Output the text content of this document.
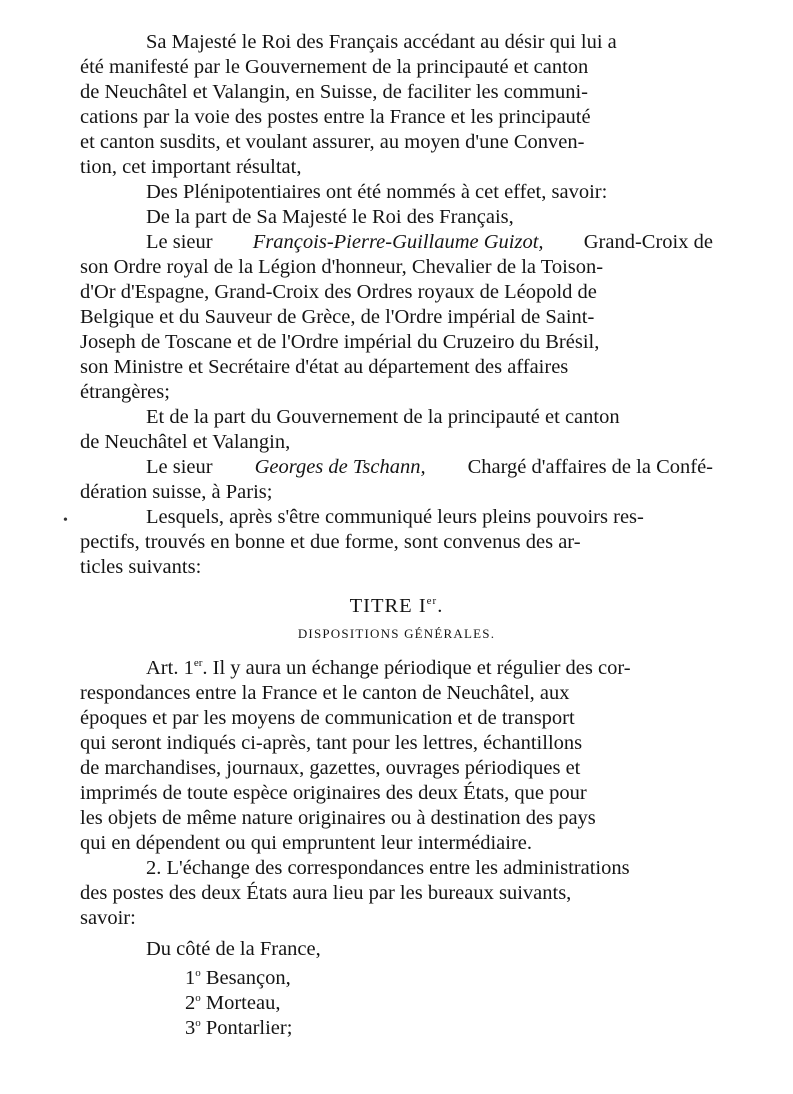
Sa Majesté le Roi des Français accédant au désir qui lui a
été manifesté par le Gouvernement de la principauté et canton
de Neuchâtel et Valangin, en Suisse, de faciliter les communi-
cations par la voie des postes entre la France et les principauté
et canton susdits, et voulant assurer, au moyen d'une Conven-
tion, cet important résultat,
Des Plénipotentiaires ont été nommés à cet effet, savoir:
De la part de Sa Majesté le Roi des Français,
Le sieur François-Pierre-Guillaume Guizot, Grand-Croix de
son Ordre royal de la Légion d'honneur, Chevalier de la Toison-
d'Or d'Espagne, Grand-Croix des Ordres royaux de Léopold de
Belgique et du Sauveur de Grèce, de l'Ordre impérial de Saint-
Joseph de Toscane et de l'Ordre impérial du Cruzeiro du Brésil,
son Ministre et Secrétaire d'état au département des affaires
étrangères;
Et de la part du Gouvernement de la principauté et canton
de Neuchâtel et Valangin,
Le sieur Georges de Tschann, Chargé d'affaires de la Confé-
dération suisse, à Paris;
•	Lesquels, après s'être communiqué leurs pleins pouvoirs res-
pectifs, trouvés en bonne et due forme, sont convenus des ar-
ticles suivants:
TITRE Ier.
DISPOSITIONS GÉNÉRALES.
Art. 1er. Il y aura un échange périodique et régulier des cor-
respondances entre la France et le canton de Neuchâtel, aux
époques et par les moyens de communication et de transport
qui seront indiqués ci-après, tant pour les lettres, échantillons
de marchandises, journaux, gazettes, ouvrages périodiques et
imprimés de toute espèce originaires des deux États, que pour
les objets de même nature originaires ou à destination des pays
qui en dépendent ou qui empruntent leur intermédiaire.
2. L'échange des correspondances entre les administrations
des postes des deux États aura lieu par les bureaux suivants,
savoir:
Du côté de la France,
1$^o$ Besançon,
2$^o$ Morteau,
3$^o$ Pontarlier;
